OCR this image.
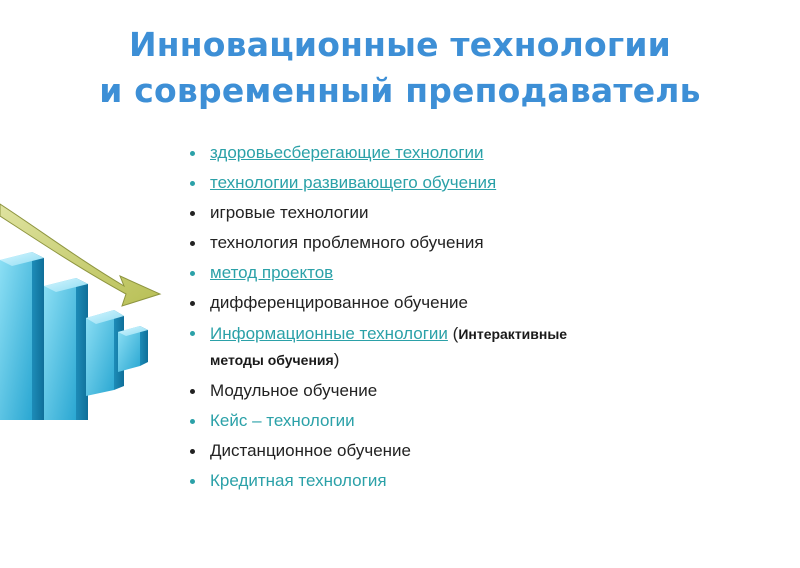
Инновационные технологии
и современный преподаватель
здоровьесберегающие технологии
технологии развивающего обучения
игровые технологии
технология проблемного обучения
метод проектов
дифференцированное обучение
Информационные технологии (Интерактивные
методы обучения)
Модульное обучение
Кейс – технологии
Дистанционное обучение
Кредитная технология
